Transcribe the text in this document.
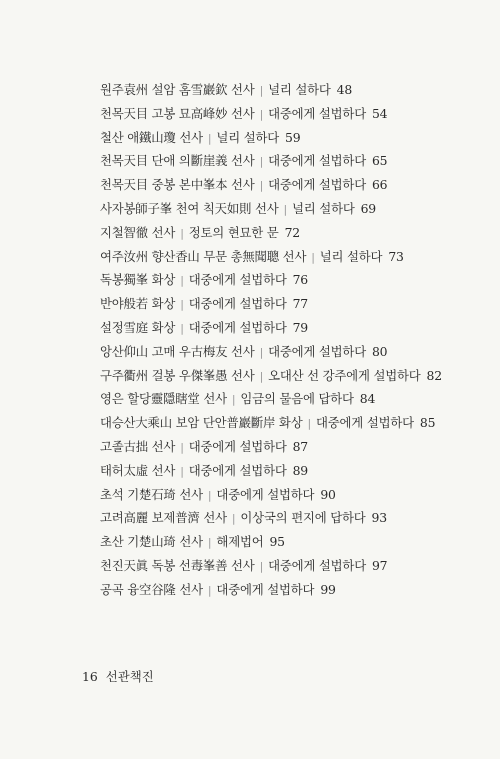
원주袁州 설암 홈雪巖欽 선사 | 널리 설하다 48
천목天目 고봉 묘高峰妙 선사 | 대중에게 설법하다 54
철산 애鐵山瓊 선사 | 널리 설하다 59
천목天目 단애 의斷崖義 선사 | 대중에게 설법하다 65
천목天目 중봉 본中峯本 선사 | 대중에게 설법하다 66
사자봉師子峯 천여 칙天如則 선사 | 널리 설하다 69
지철智徹 선사 | 정토의 현묘한 문 72
여주汝州 향산香山 무문 총無聞聰 선사 | 널리 설하다 73
독봉獨峯 화상 | 대중에게 설법하다 76
반야般若 화상 | 대중에게 설법하다 77
설정雪庭 화상 | 대중에게 설법하다 79
앙산仰山 고매 우古梅友 선사 | 대중에게 설법하다 80
구주衢州 걸봉 우傑峯愚 선사 | 오대산 선 강주에게 설법하다 82
영은 할당靈隱瞎堂 선사 | 임금의 물음에 답하다 84
대승산大乘山 보암 단안普巖斷岸 화상 | 대중에게 설법하다 85
고졸古拙 선사 | 대중에게 설법하다 87
태허太虛 선사 | 대중에게 설법하다 89
초석 기楚石琦 선사 | 대중에게 설법하다 90
고려高麗 보제普濟 선사 | 이상국의 편지에 답하다 93
초산 기楚山琦 선사 | 해제법어 95
천진天眞 독봉 선毒峯善 선사 | 대중에게 설법하다 97
공곡 융空谷隆 선사 | 대중에게 설법하다 99
16 선관책진
